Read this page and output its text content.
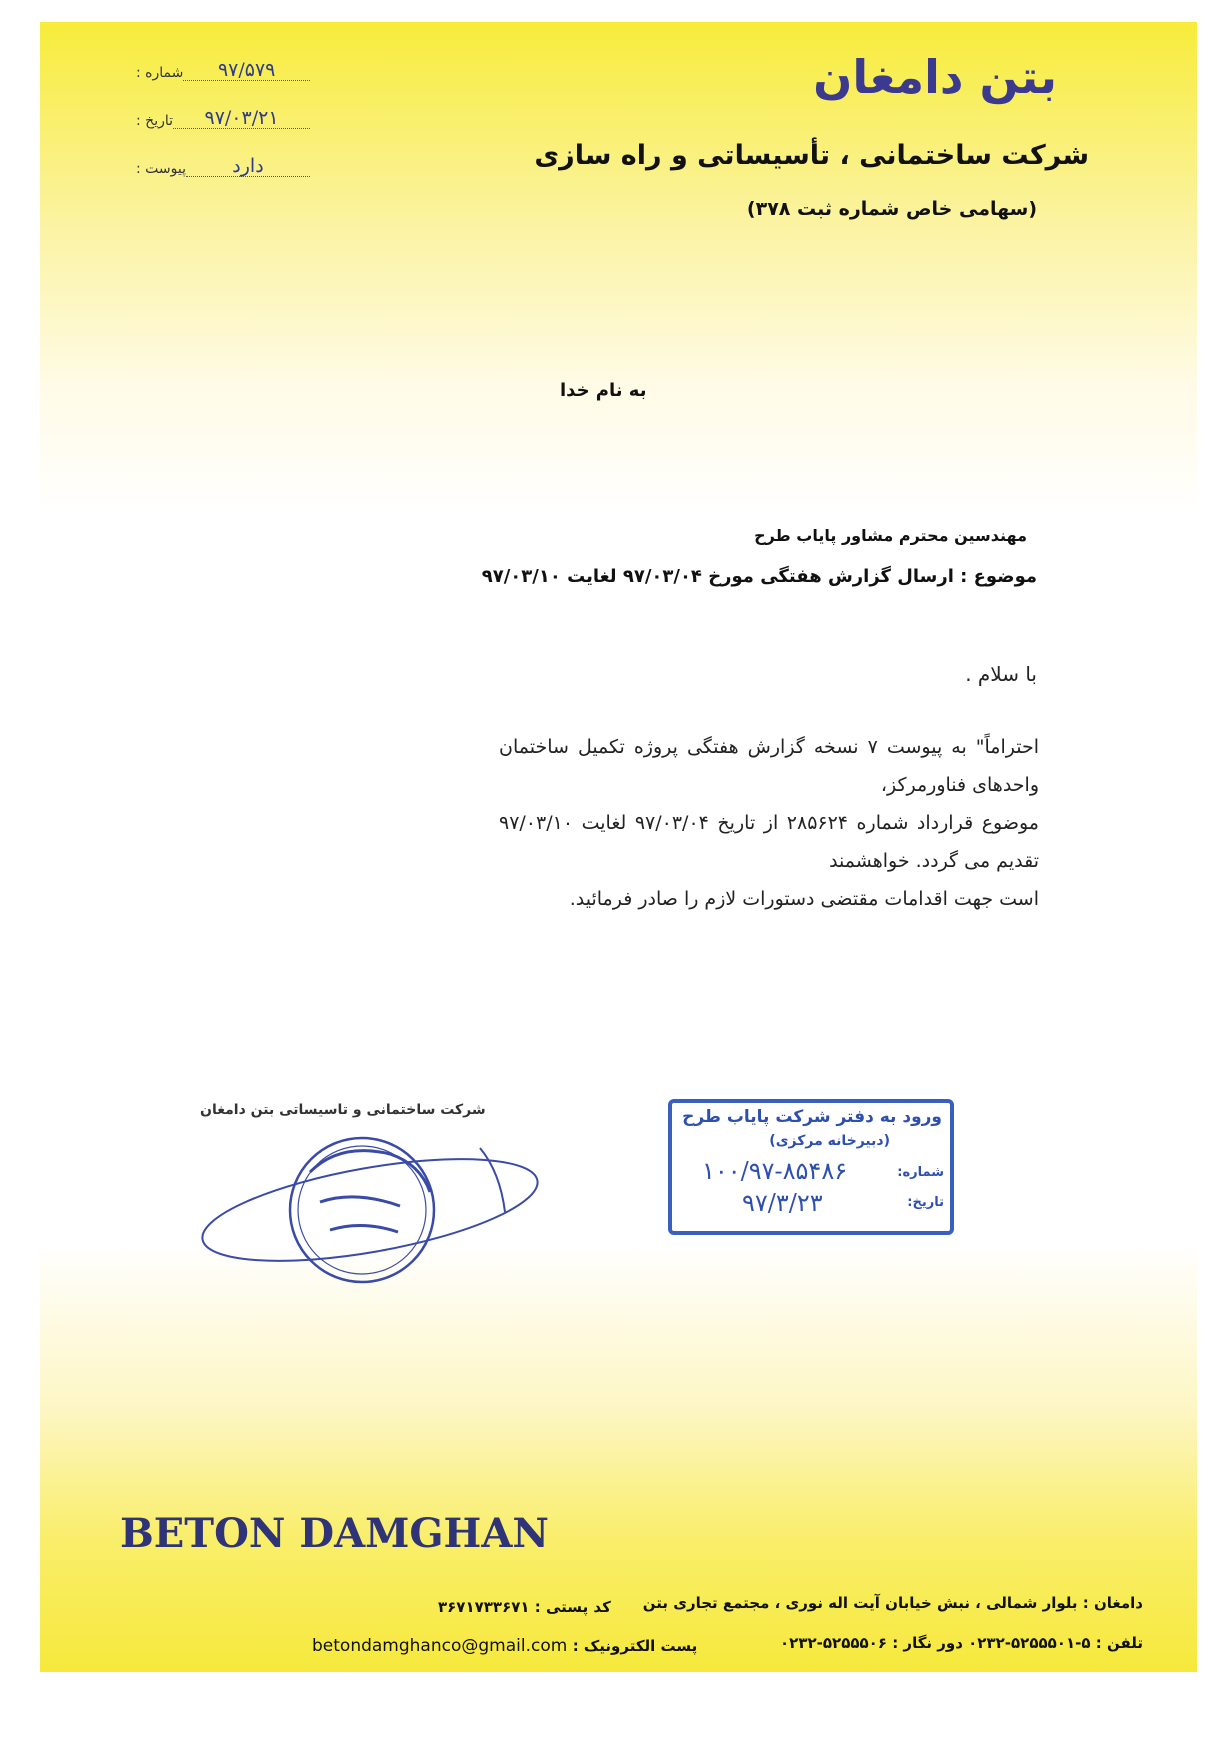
بتن دامغان
شرکت ساختمانی ، تأسیساتی و راه سازی
(سهامی خاص شماره ثبت ۳۷۸)
شماره :	۹۷/۵۷۹
تاریخ :	۹۷/۰۳/۲۱
پیوست :	دارد
به نام خدا
مهندسین محترم مشاور پایاب طرح
موضوع : ارسال گزارش هفتگی مورخ ۹۷/۰۳/۰۴ لغایت ۹۷/۰۳/۱۰
با سلام .

احتراماً" به پیوست ۷ نسخه گزارش هفتگی پروژه تکمیل ساختمان واحدهای فناورمرکز،

موضوع قرارداد شماره ۲۸۵۶۲۴ از تاریخ ۹۷/۰۳/۰۴ لغایت ۹۷/۰۳/۱۰ تقدیم می گردد. خواهشمند

است جهت اقدامات مقتضی دستورات لازم را صادر فرمائید.

شرکت ساختمانی و تاسیساتی بتن دامغان	ورود به دفتر شرکت پایاب طرح
(دبیرخانه مرکزی)
شماره:
۱۰۰/۹۷-۸۵۴۸۶
تاریخ:
۹۷/۳/۲۳
BETON DAMGHAN
دامغان : بلوار شمالی ، نبش خیابان آیت اله نوری ، مجتمع تجاری بتن
کد پستی : ۳۶۷۱۷۳۳۶۷۱
تلفن : ۵-۵۲۵۵۵۰۱-۰۲۳۲ دور نگار : ۵۲۵۵۵۰۶-۰۲۳۲
betondamghanco@gmail.com پست الکترونیک :
